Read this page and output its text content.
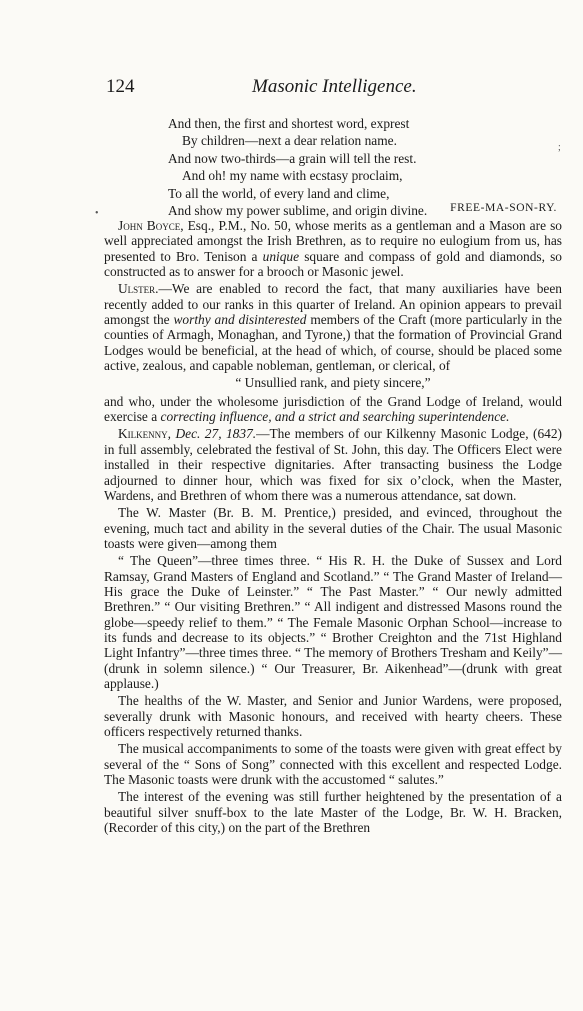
124	Masonic Intelligence.
;
•
And then, the first and shortest word, exprest
By children—next a dear relation name.
And now two-thirds—a grain will tell the rest.
And oh! my name with ecstasy proclaim,
To all the world, of every land and clime,
And show my power sublime, and origin divine.	FREE-MA-SON-RY.

John Boyce, Esq., P.M., No. 50, whose merits as a gentleman and a Mason are so well appreciated amongst the Irish Brethren, as to require no eulogium from us, has presented to Bro. Tenison a unique square and compass of gold and diamonds, so constructed as to answer for a brooch or Masonic jewel.

Ulster.—We are enabled to record the fact, that many auxiliaries have been recently added to our ranks in this quarter of Ireland. An opinion appears to prevail amongst the worthy and disinterested members of the Craft (more particularly in the counties of Armagh, Monaghan, and Tyrone,) that the formation of Provincial Grand Lodges would be beneficial, at the head of which, of course, should be placed some active, zealous, and capable nobleman, gentleman, or clerical, of

“ Unsullied rank, and piety sincere,”

and who, under the wholesome jurisdiction of the Grand Lodge of Ireland, would exercise a correcting influence, and a strict and searching superintendence.

Kilkenny, Dec. 27, 1837.—The members of our Kilkenny Masonic Lodge, (642) in full assembly, celebrated the festival of St. John, this day. The Officers Elect were installed in their respective dignitaries. After transacting business the Lodge adjourned to dinner hour, which was fixed for six o’clock, when the Master, Wardens, and Brethren of whom there was a numerous attendance, sat down.

The W. Master (Br. B. M. Prentice,) presided, and evinced, throughout the evening, much tact and ability in the several duties of the Chair. The usual Masonic toasts were given—among them

“ The Queen”—three times three. “ His R. H. the Duke of Sussex and Lord Ramsay, Grand Masters of England and Scotland.” “ The Grand Master of Ireland—His grace the Duke of Leinster.” “ The Past Master.” “ Our newly admitted Brethren.” “ Our visiting Brethren.” “ All indigent and distressed Masons round the globe—speedy relief to them.” “ The Female Masonic Orphan School—increase to its funds and decrease to its objects.” “ Brother Creighton and the 71st Highland Light Infantry”—three times three. “ The memory of Brothers Tresham and Keily”—(drunk in solemn silence.) “ Our Treasurer, Br. Aikenhead”—(drunk with great applause.)

The healths of the W. Master, and Senior and Junior Wardens, were proposed, severally drunk with Masonic honours, and received with hearty cheers. These officers respectively returned thanks.

The musical accompaniments to some of the toasts were given with great effect by several of the “ Sons of Song” connected with this excellent and respected Lodge. The Masonic toasts were drunk with the accustomed “ salutes.”

The interest of the evening was still further heightened by the presentation of a beautiful silver snuff-box to the late Master of the Lodge, Br. W. H. Bracken, (Recorder of this city,) on the part of the Brethren
